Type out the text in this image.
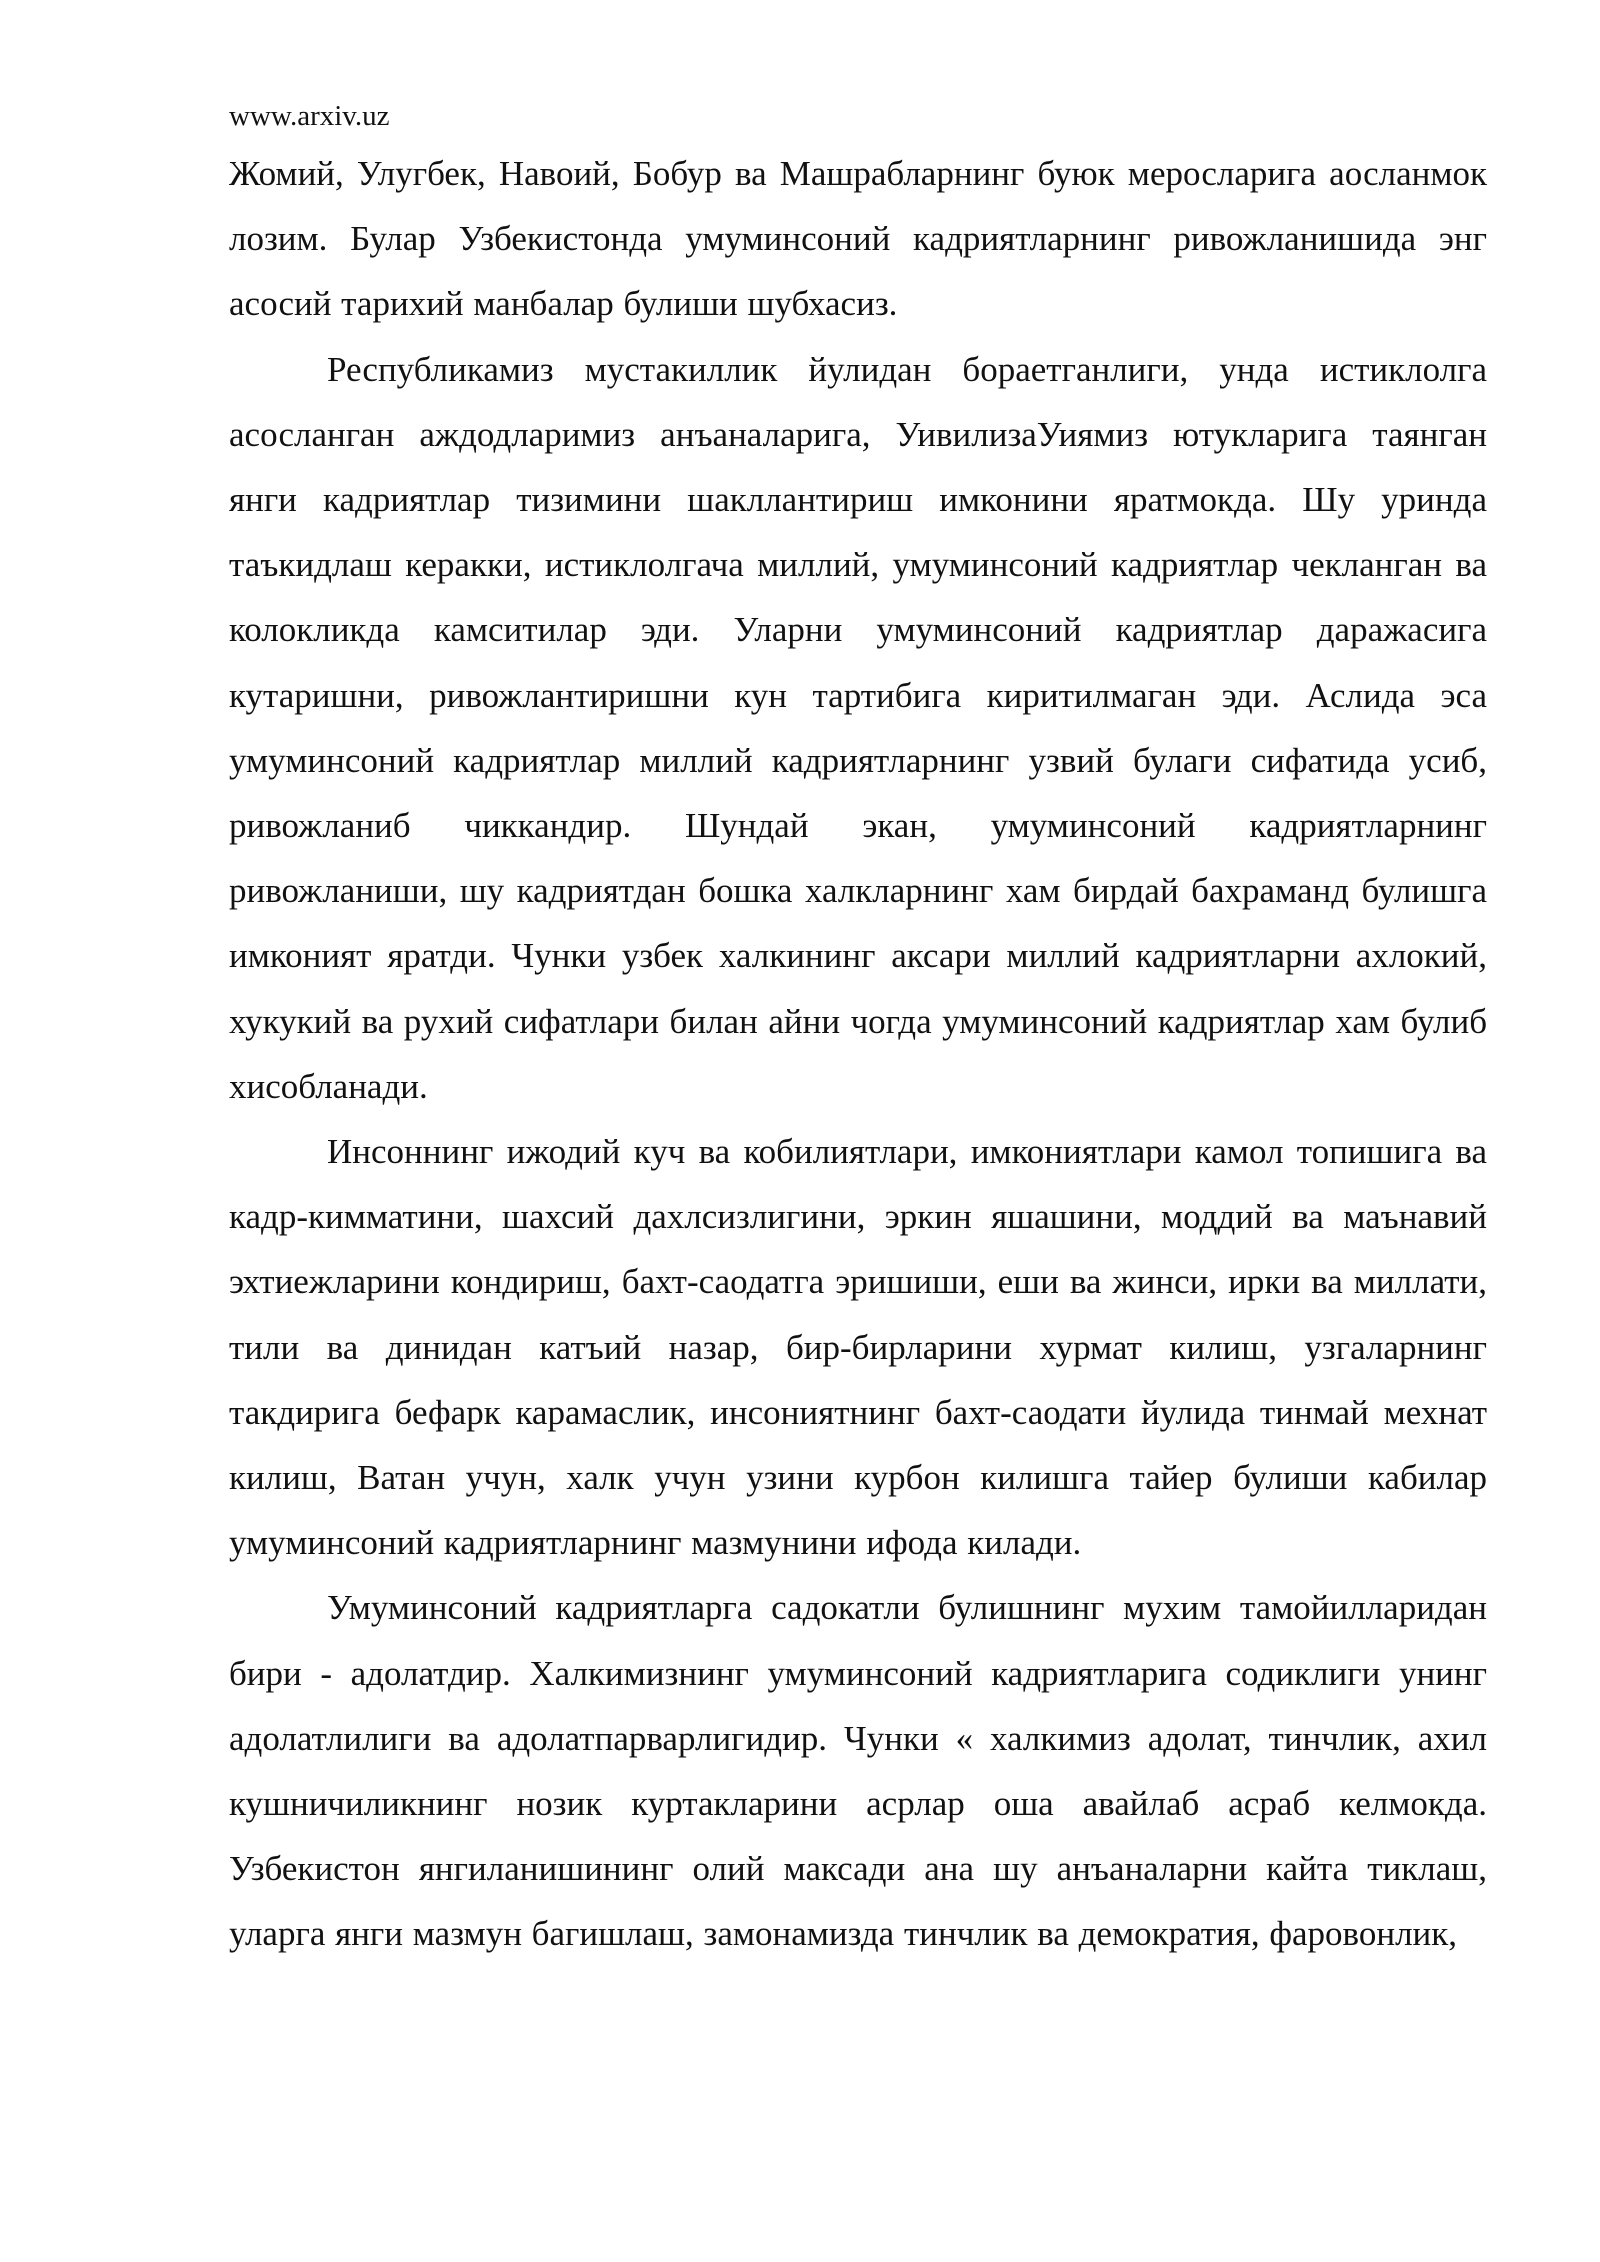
www.arxiv.uz

Жомий, Улугбек, Навоий, Бобур ва Машрабларнинг буюк меросларига аосланмок лозим. Булар Узбекистонда умуминсоний кадриятларнинг ривожланишида энг асосий тарихий манбалар булиши шубхасиз.

Республикамиз мустакиллик йулидан бораетганлиги, унда истиклолга асосланган аждодларимиз анъаналарига, УивилизаУиямиз ютукларига таянган янги кадриятлар тизимини шакллантириш имконини яратмокда. Шу уринда таъкидлаш керакки, истиклолгача миллий, умуминсоний кадриятлар чекланган ва колокликда камситилар эди. Уларни умуминсоний кадриятлар даражасига кутаришни, ривожлантиришни кун тартибига киритилмаган эди. Аслида эса умуминсоний кадриятлар миллий кадриятларнинг узвий булаги сифатида усиб, ривожланиб чиккандир. Шундай экан, умуминсоний кадриятларнинг ривожланиши, шу кадриятдан бошка халкларнинг хам бирдай бахраманд булишга имконият яратди. Чунки узбек халкининг аксари миллий кадриятларни ахлокий, хукукий ва рухий сифатлари билан айни чогда умуминсоний кадриятлар хам булиб хисобланади.

Инсоннинг ижодий куч ва кобилиятлари, имкониятлари камол топишига ва кадр-кимматини, шахсий дахлсизлигини, эркин яшашини, моддий ва маънавий эхтиежларини кондириш, бахт-саодатга эришиши, еши ва жинси, ирки ва миллати, тили ва динидан катъий назар, бир-бирларини хурмат килиш, узгаларнинг такдирига бефарк карамаслик, инсониятнинг бахт-саодати йулида тинмай мехнат килиш, Ватан учун, халк учун узини курбон килишга тайер булиши кабилар умуминсоний кадриятларнинг мазмунини ифода килади.

Умуминсоний кадриятларга садокатли булишнинг мухим тамойилларидан бири - адолатдир. Халкимизнинг умуминсоний кадриятларига содиклиги унинг адолатлилиги ва адолатпарварлигидир. Чунки « халкимиз адолат, тинчлик, ахил кушничиликнинг нозик куртакларини асрлар оша авайлаб асраб келмокда. Узбекистон янгиланишининг олий максади ана шу анъаналарни кайта тиклаш, уларга янги мазмун багишлаш, замонамизда тинчлик ва демократия, фаровонлик,
